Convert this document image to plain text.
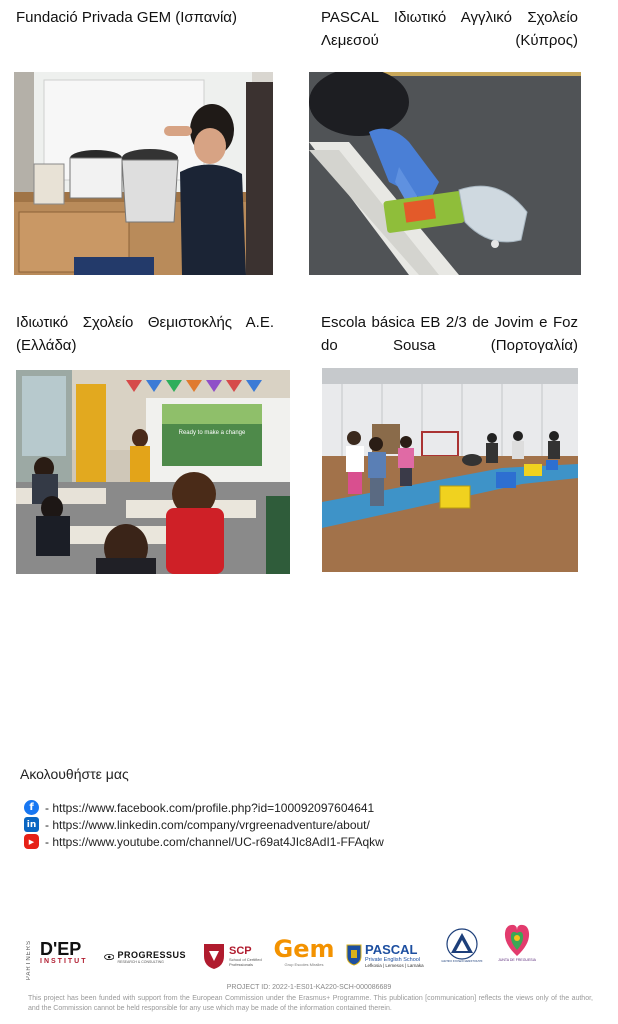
Fundació Privada GEM (Ισπανία)	PASCAL Ιδιωτικό Αγγλικό Σχολείο Λεμεσού (Κύπρος)
Ιδιωτικό Σχολείο Θεμιστοκλής Α.Ε.(Ελλάδα)
Escola básica EB 2/3 de Jovim e Foz do Sousa (Πορτογαλία)
Ready to make a change
Ακολουθήστε μας
f - https://www.facebook.com/profile.php?id=100092097604641
in - https://www.linkedin.com/company/vrgreenadventure/about/
▶ - https://www.youtube.com/channel/UC-r69at4JIc8AdI1-FFAqkw
PARTNERS D'EP
INSTITUT
PROGRESSUS
RESEARCH & CONSULTING
SCP
School of Certified Professionals
Gem
Grup Escoles Miralles
PASCAL
Private English School
Lefkosia | Lemesos | Larnaka
ΙΔΙΩΤΙΚΟ ΣΧΟΛΕΙΟ ΘΕΜΙΣΤΟΚΛΗΣ	JUNTA DE FREGUESIA
PROJECT ID: 2022-1-ES01-KA220-SCH-000086689
This project has been funded with support from the European Commission under the Erasmus+ Programme. This publication [communication] reflects the views only of the author, and the Commission cannot be held responsible for any use which may be made of the information contained therein.
